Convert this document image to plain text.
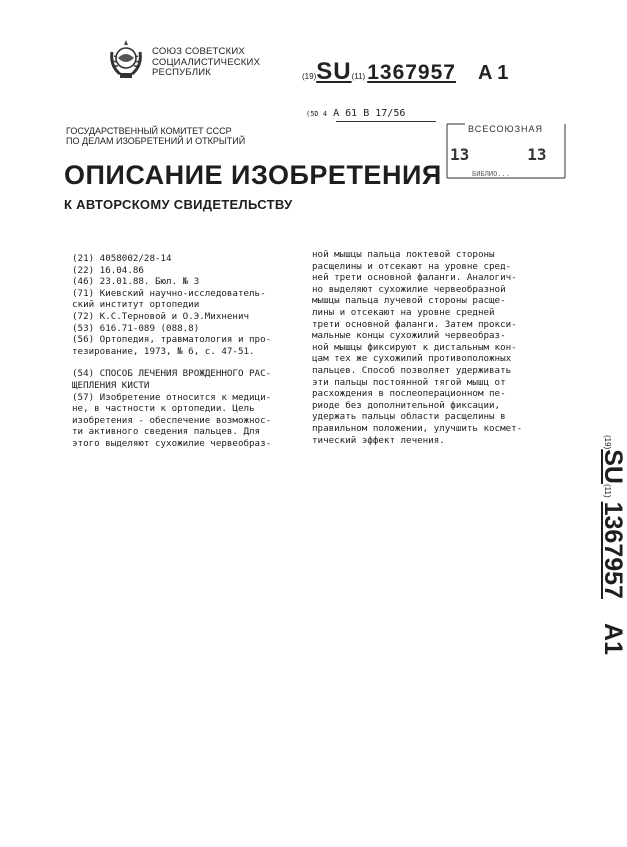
СОЮЗ СОВЕТСКИХ
СОЦИАЛИСТИЧЕСКИХ
РЕСПУБЛИК	(19)SU(11)1367957 A 1
(5D 4 A 61 B 17/56
ГОСУДАРСТВЕННЫЙ КОМИТЕТ СССР
ПО ДЕЛАМ ИЗОБРЕТЕНИЙ И ОТКРЫТИЙ
ВСЕСОЮЗНАЯ
13	13
БИБЛИО...
ОПИСАНИЕ ИЗОБРЕТЕНИЯ
К АВТОРСКОМУ СВИДЕТЕЛЬСТВУ
(21) 4058002/28-14
(22) 16.04.86
(46) 23.01.88. Бюл. № 3
(71) Киевский научно-исследователь-
ский институт ортопедии
(72) К.С.Терновой и О.Э.Михненич
(53) 616.71-089 (088.8)
(56) Ортопедия, травматология и про-
тезирование, 1973, № 6, с. 47-51.
(54) СПОСОБ ЛЕЧЕНИЯ ВРОЖДЕННОГО РАС-
ЩЕПЛЕНИЯ КИСТИ
(57) Изобретение относится к медици-
не, в частности к ортопедии. Цель
изобретения - обеспечение возможнос-
ти активного сведения пальцев. Для
этого выделяют сухожилие червеобраз-
ной мышцы пальца локтевой стороны
расщелины и отсекают на уровне сред-
ней трети основной фаланги. Аналогич-
но выделяют сухожилие червеобразной
мышцы пальца лучевой стороны расще-
лины и отсекают на уровне средней
трети основной фаланги. Затем прокси-
мальные концы сухожилий червеобраз-
ной мышцы фиксируют к дистальным кон-
цам тех же сухожилий противоположных
пальцев. Способ позволяет удерживать
эти пальцы постоянной тягой мышц от
расхождения в послеоперационном пе-
риоде без дополнительной фиксации,
удержать пальцы области расщелины в
правильном положении, улучшить космет-
тический эффект лечения.	(19)SU(11)1367957A1
